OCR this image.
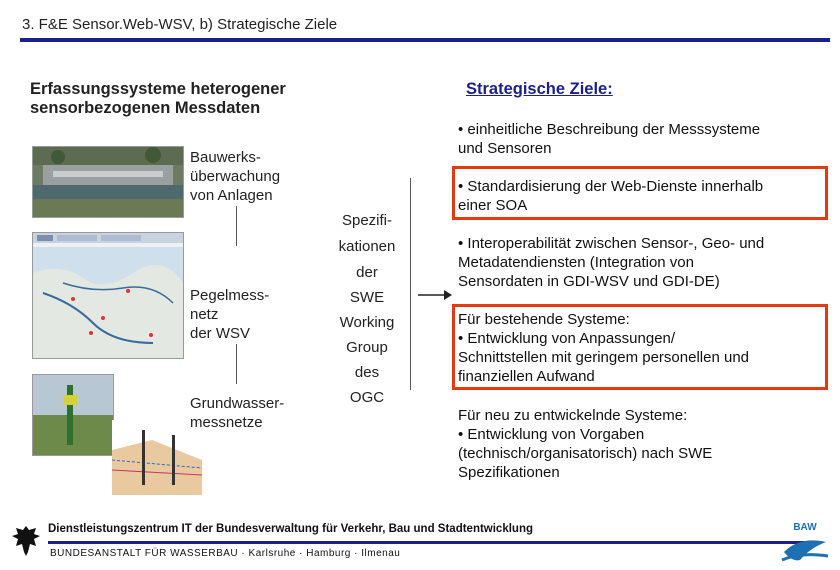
3. F&E Sensor.Web-WSV, b) Strategische Ziele
Erfassungssysteme heterogener
sensorbezogenen Messdaten
Strategische Ziele:
Bauwerks-
überwachung
von Anlagen
Pegelmess-
netz
der WSV
Grundwasser-
messnetze
Spezifi-
kationen
der
SWE
Working
Group
des
OGC
• einheitliche Beschreibung der Messsysteme
und Sensoren
• Standardisierung der Web-Dienste innerhalb
einer SOA
• Interoperabilität zwischen Sensor-, Geo- und
Metadatendiensten (Integration von
Sensordaten in GDI-WSV und GDI-DE)
Für bestehende Systeme:
• Entwicklung von Anpassungen/
Schnittstellen mit geringem personellen und
finanziellen Aufwand
Für neu zu entwickelnde Systeme:
• Entwicklung von Vorgaben
(technisch/organisatorisch) nach SWE
Spezifikationen
Dienstleistungszentrum IT der Bundesverwaltung für Verkehr, Bau und Stadtentwicklung
BUNDESANSTALT FÜR WASSERBAU · Karlsruhe · Hamburg · Ilmenau
BAW
